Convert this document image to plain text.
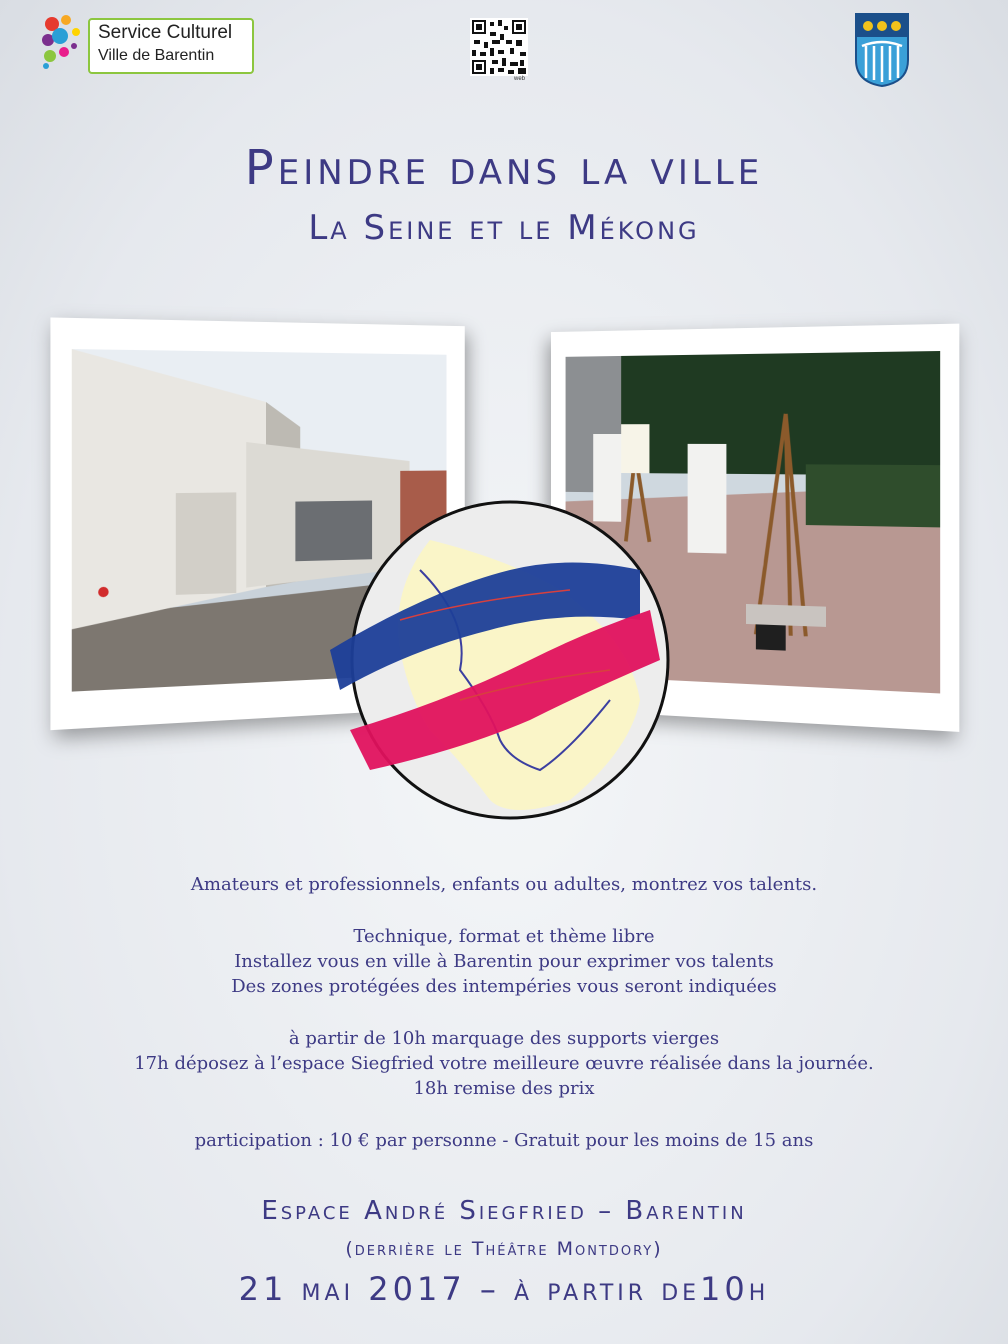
Service Culturel
Ville de Barentin
web
Peindre dans la ville
La Seine et le Mékong
Amateurs et professionnels, enfants ou adultes, montrez vos talents.
Technique, format et thème libre
Installez vous en ville à Barentin pour exprimer vos talents
Des zones protégées des intempéries vous seront indiquées
à partir de 10h marquage des supports vierges
17h déposez à l’espace Siegfried votre meilleure œuvre réalisée dans la journée.
18h remise des prix
participation : 10 € par personne - Gratuit pour les moins de 15 ans
Espace André Siegfried – Barentin
(derrière le Théâtre Montdory)
21 mai 2017 – à partir de10h
